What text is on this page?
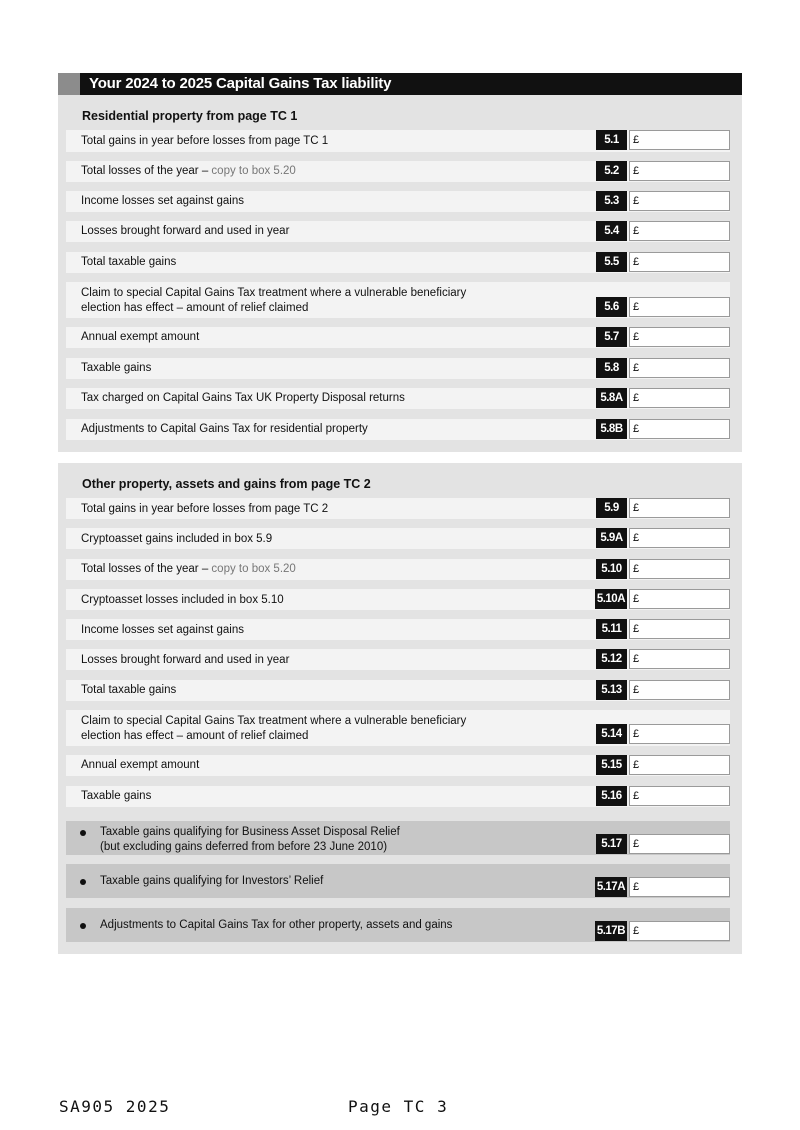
Your 2024 to 2025 Capital Gains Tax liability
Residential property from page TC 1
Total gains in year before losses from page TC 1	5.1	£
Total losses of the year – copy to box 5.20	5.2	£
Income losses set against gains	5.3	£
Losses brought forward and used in year	5.4	£
Total taxable gains	5.5	£
Claim to special Capital Gains Tax treatment where a vulnerable beneficiary
election has effect – amount of relief claimed	5.6	£
Annual exempt amount	5.7	£
Taxable gains	5.8	£
Tax charged on Capital Gains Tax UK Property Disposal returns	5.8A £
Adjustments to Capital Gains Tax for residential property	5.8B £
Other property, assets and gains from page TC 2
Total gains in year before losses from page TC 2	5.9	£
Cryptoasset gains included in box 5.9	5.9A £
Total losses of the year – copy to box 5.20	5.10	£
Cryptoasset losses included in box 5.10	5.10A £
Income losses set against gains	5.11	£
Losses brought forward and used in year	5.12	£
Total taxable gains	5.13	£
Claim to special Capital Gains Tax treatment where a vulnerable beneficiary
election has effect – amount of relief claimed	5.14	£
Annual exempt amount	5.15	£
Taxable gains	5.16	£
Taxable gains qualifying for Business Asset Disposal Relief
(but excluding gains deferred from before 23 June 2010)	5.17	£
Taxable gains qualifying for Investors’ Relief	5.17A £
Adjustments to Capital Gains Tax for other property, assets and gains	5.17B £
SA905 2025	Page TC 3
